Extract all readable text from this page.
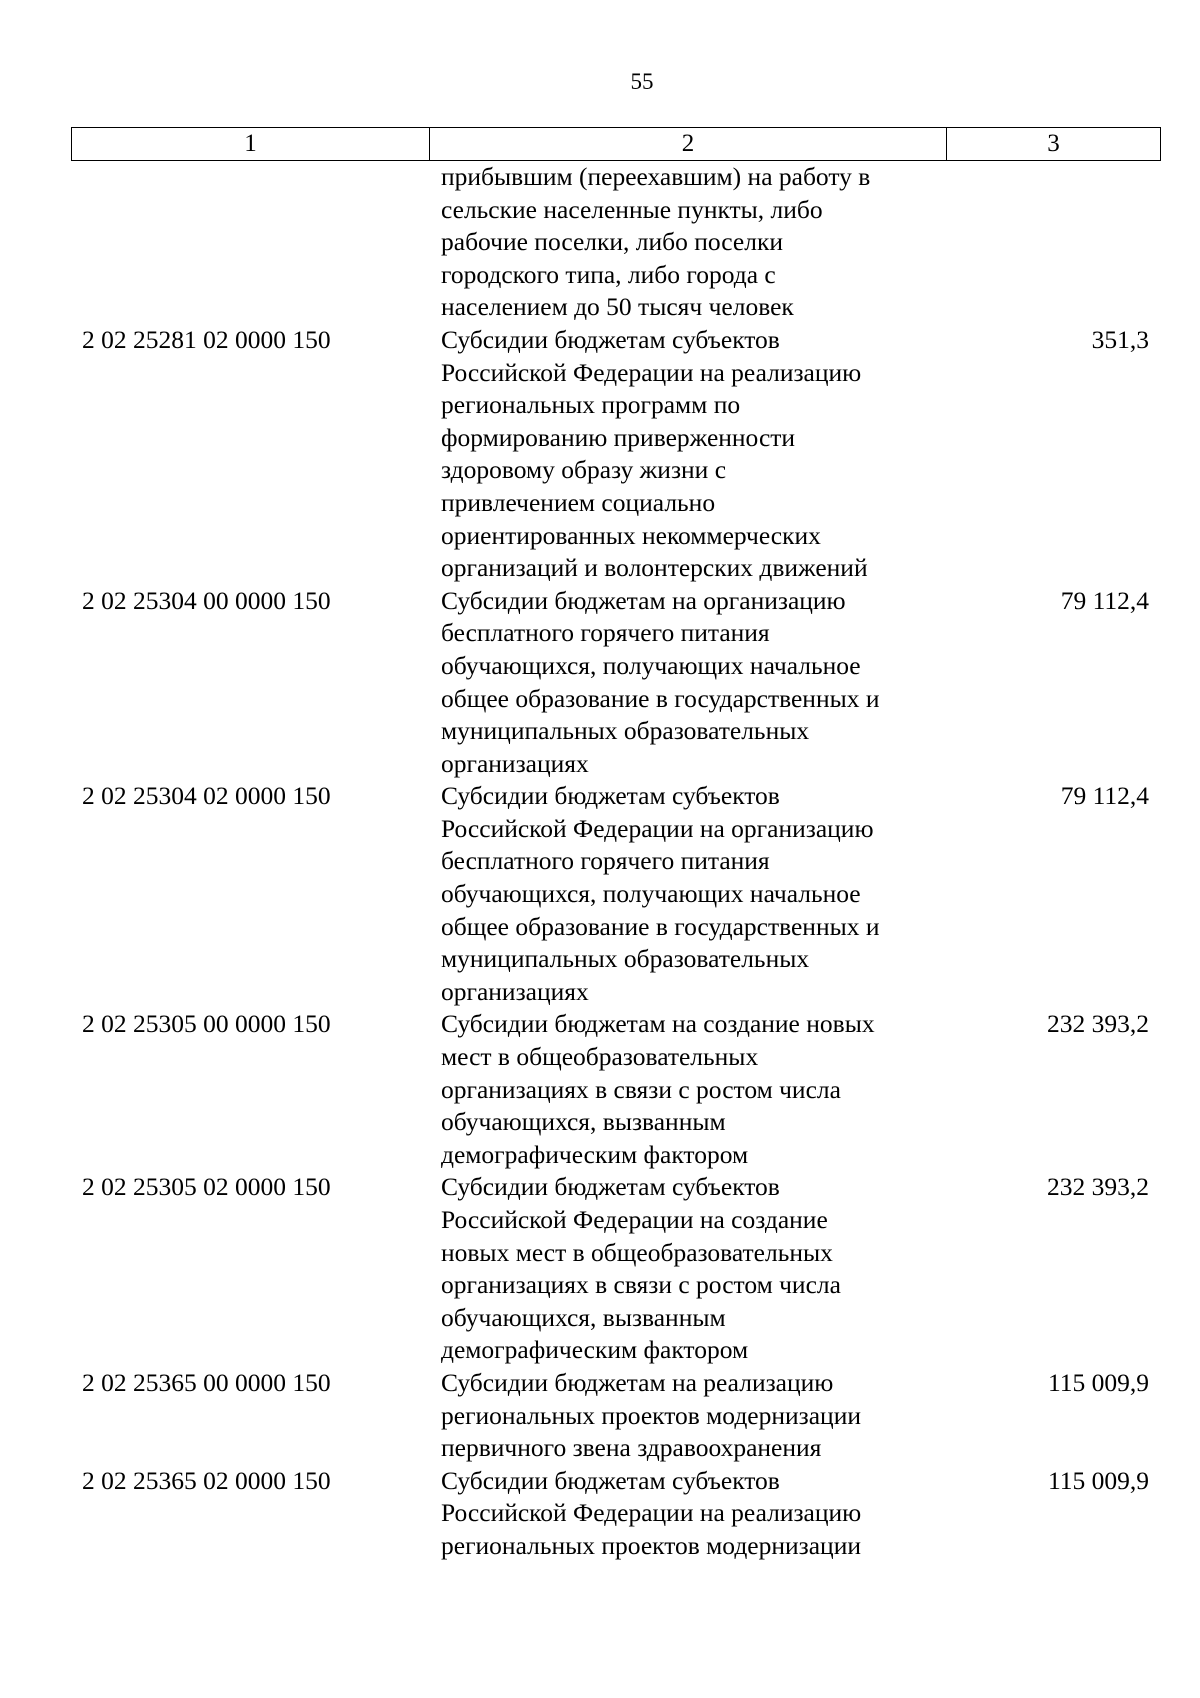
55
1	2	3
прибывшим (переехавшим) на работу в
сельские населенные пункты, либо
рабочие поселки, либо поселки
городского типа, либо города с
населением до 50 тысяч человек
2 02 25281 02 0000 150	Субсидии бюджетам субъектов
Российской Федерации на реализацию
региональных программ по
формированию приверженности
здоровому образу жизни с
привлечением социально
ориентированных некоммерческих
организаций и волонтерских движений
351,3
2 02 25304 00 0000 150	Субсидии бюджетам на организацию
бесплатного горячего питания
обучающихся, получающих начальное
общее образование в государственных и
муниципальных образовательных
организациях
79 112,4
2 02 25304 02 0000 150	Субсидии бюджетам субъектов
Российской Федерации на организацию
бесплатного горячего питания
обучающихся, получающих начальное
общее образование в государственных и
муниципальных образовательных
организациях
79 112,4
2 02 25305 00 0000 150	Субсидии бюджетам на создание новых
мест в общеобразовательных
организациях в связи с ростом числа
обучающихся, вызванным
демографическим фактором
232 393,2
2 02 25305 02 0000 150	Субсидии бюджетам субъектов
Российской Федерации на создание
новых мест в общеобразовательных
организациях в связи с ростом числа
обучающихся, вызванным
демографическим фактором
232 393,2
2 02 25365 00 0000 150	Субсидии бюджетам на реализацию
региональных проектов модернизации
первичного звена здравоохранения
115 009,9
2 02 25365 02 0000 150	Субсидии бюджетам субъектов
Российской Федерации на реализацию
региональных проектов модернизации
115 009,9
